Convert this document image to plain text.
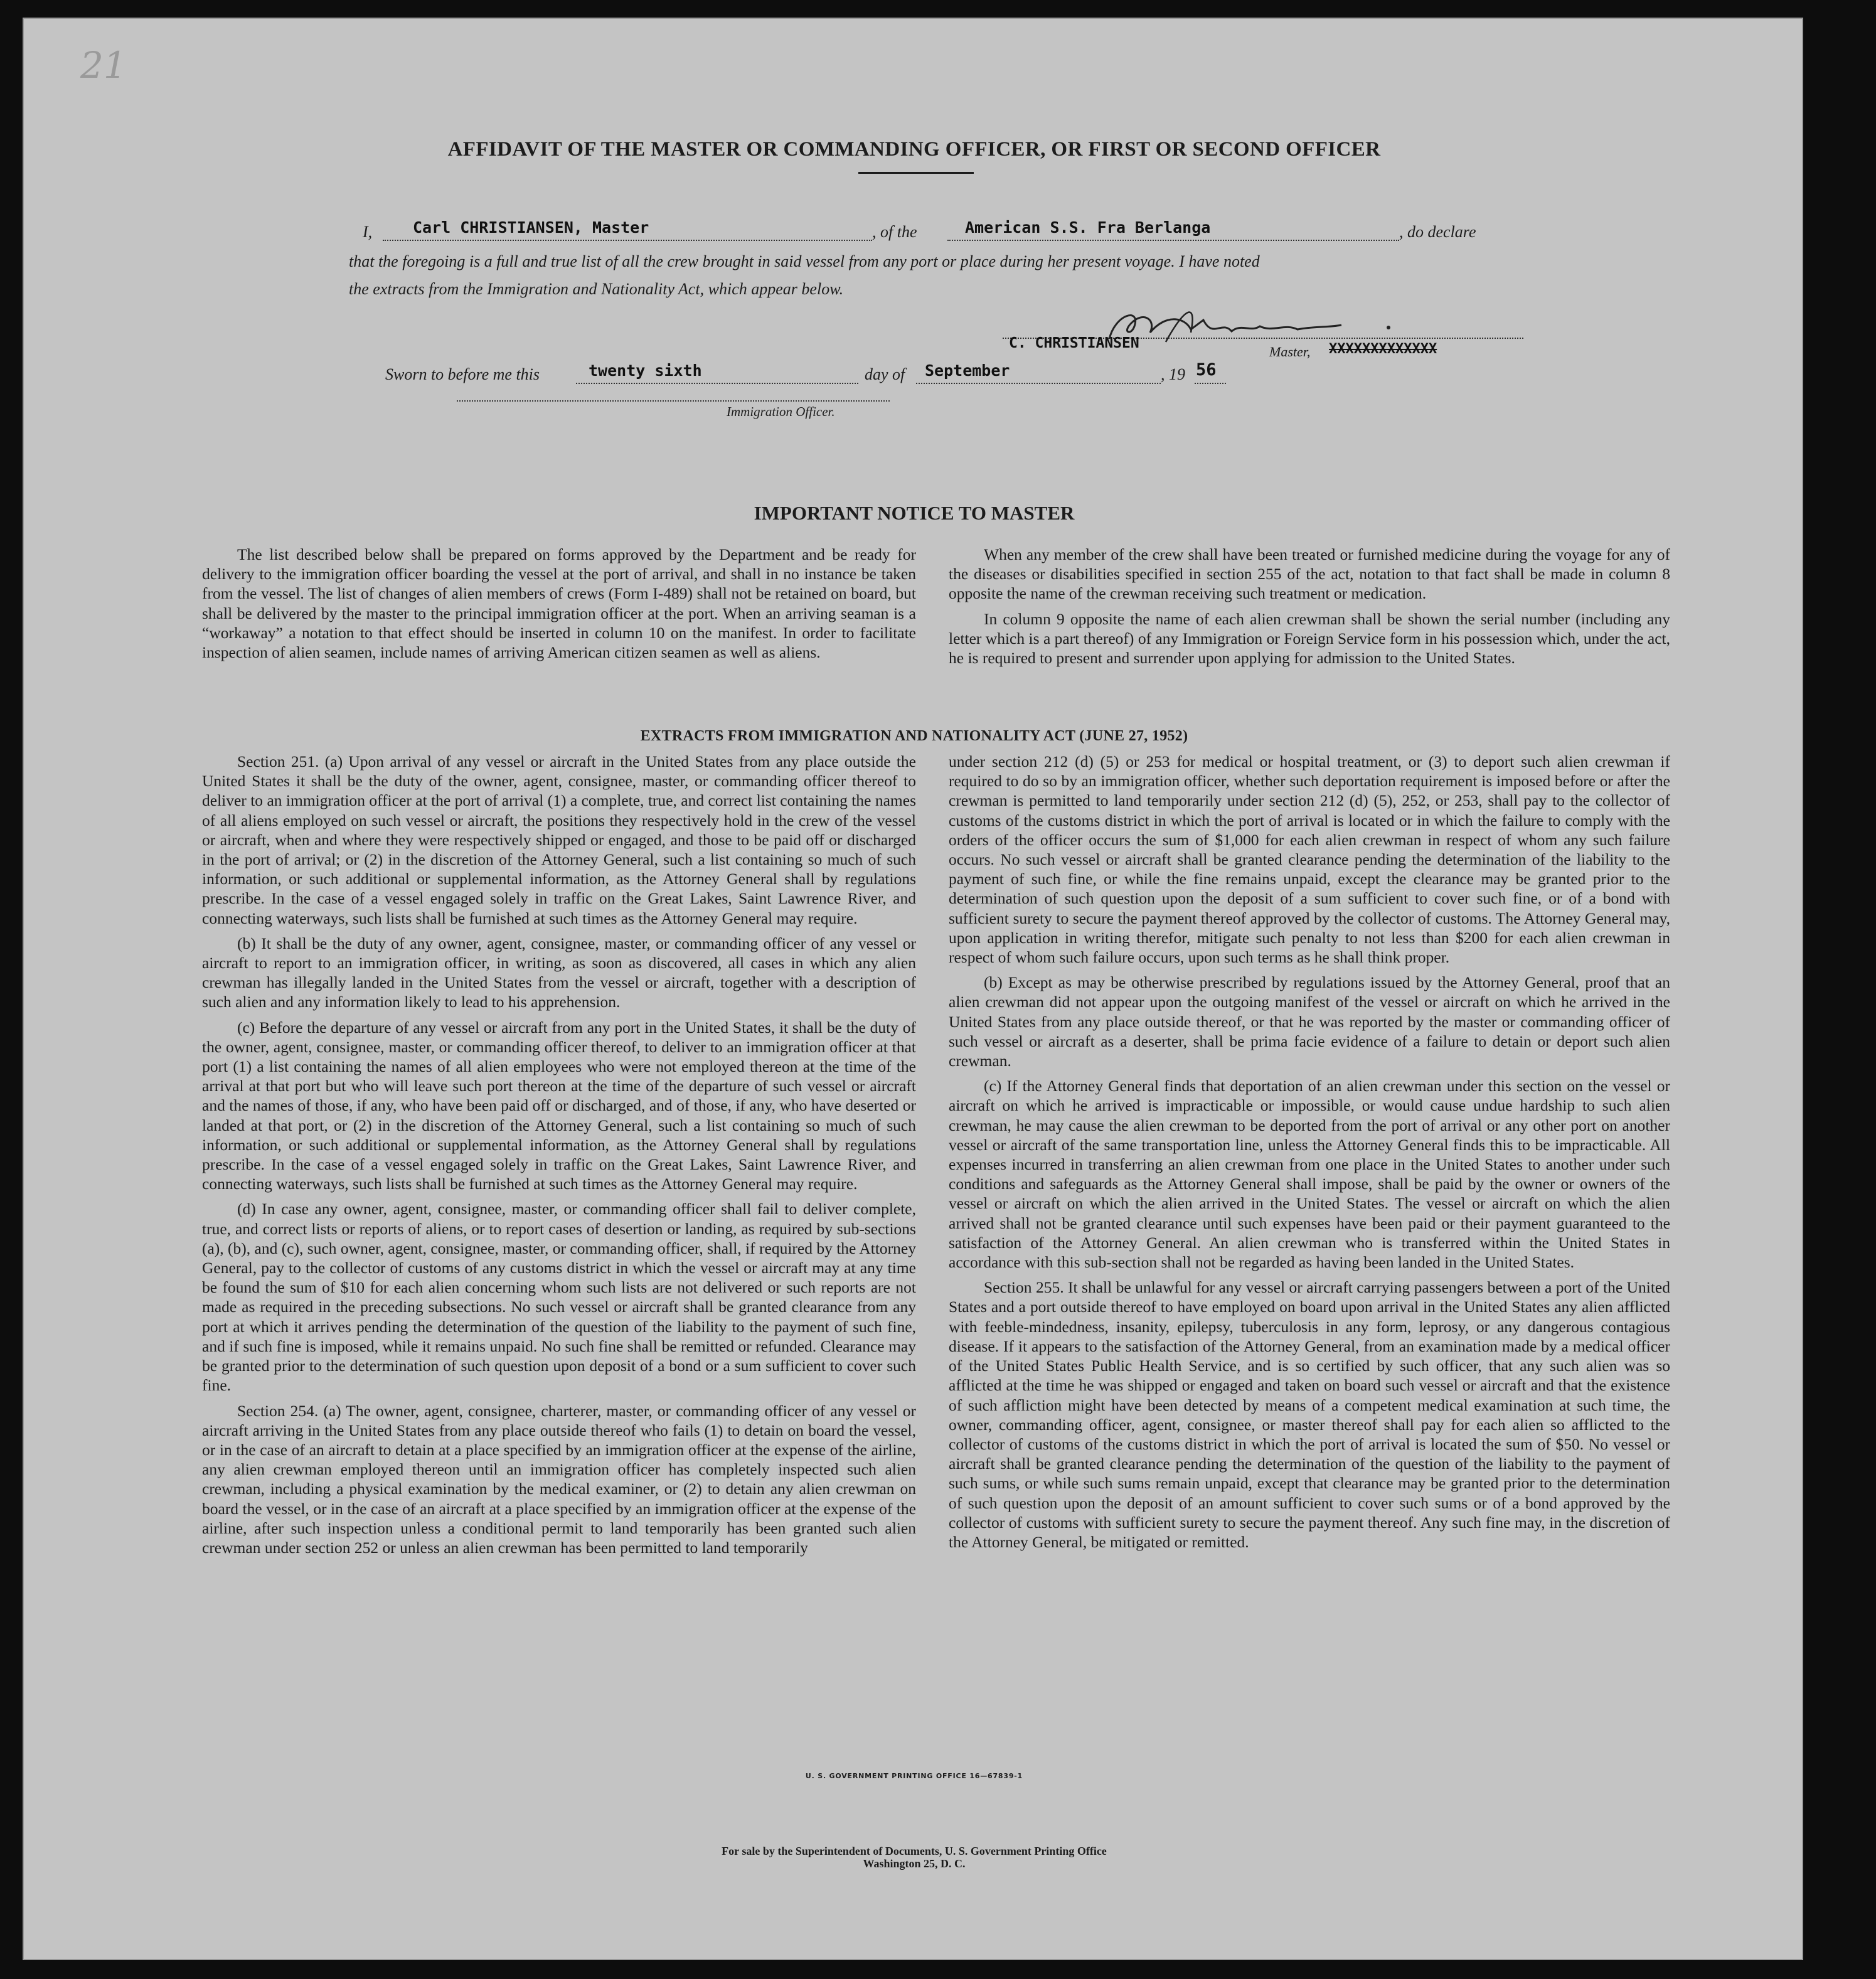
21
AFFIDAVIT OF THE MASTER OR COMMANDING OFFICER, OR FIRST OR SECOND OFFICER
I,	Carl CHRISTIANSEN, Master	, of the	American S.S. Fra Berlanga	, do declare
that the foregoing is a full and true list of all the crew brought in said vessel from any port or place during her present voyage. I have noted
the extracts from the Immigration and Nationality Act, which appear below.
C. CHRISTIANSEN
Master, XXXXXXXXXXXXX
Sworn to before me this	twenty sixth	day of September	, 19 56
Immigration Officer.
IMPORTANT NOTICE TO MASTER

The list described below shall be prepared on forms approved by the Department and be ready for delivery to the immigration officer boarding the vessel at the port of arrival, and shall in no instance be taken from the vessel. The list of changes of alien members of crews (Form I-489) shall not be retained on board, but shall be delivered by the master to the principal immigration officer at the port. When an arriving seaman is a “workaway” a notation to that effect should be inserted in column 10 on the manifest. In order to facilitate inspection of alien seamen, include names of arriving American citizen seamen as well as aliens.

When any member of the crew shall have been treated or furnished medicine during the voyage for any of the diseases or disabilities specified in section 255 of the act, notation to that fact shall be made in column 8 opposite the name of the crewman receiving such treatment or medication.

In column 9 opposite the name of each alien crewman shall be shown the serial number (including any letter which is a part thereof) of any Immigration or Foreign Service form in his possession which, under the act, he is required to present and surrender upon applying for admission to the United States.

EXTRACTS FROM IMMIGRATION AND NATIONALITY ACT (JUNE 27, 1952)

Section 251. (a) Upon arrival of any vessel or aircraft in the United States from any place outside the United States it shall be the duty of the owner, agent, consignee, master, or commanding officer thereof to deliver to an immigration officer at the port of arrival (1) a complete, true, and correct list containing the names of all aliens employed on such vessel or aircraft, the positions they respectively hold in the crew of the vessel or aircraft, when and where they were respectively shipped or engaged, and those to be paid off or discharged in the port of arrival; or (2) in the discretion of the Attorney General, such a list containing so much of such information, or such additional or supplemental information, as the Attorney General shall by regulations prescribe. In the case of a vessel engaged solely in traffic on the Great Lakes, Saint Lawrence River, and connecting waterways, such lists shall be furnished at such times as the Attorney General may require.

(b) It shall be the duty of any owner, agent, consignee, master, or commanding officer of any vessel or aircraft to report to an immigration officer, in writing, as soon as discovered, all cases in which any alien crewman has illegally landed in the United States from the vessel or aircraft, together with a description of such alien and any information likely to lead to his apprehension.

(c) Before the departure of any vessel or aircraft from any port in the United States, it shall be the duty of the owner, agent, consignee, master, or commanding officer thereof, to deliver to an immigration officer at that port (1) a list containing the names of all alien employees who were not employed thereon at the time of the arrival at that port but who will leave such port thereon at the time of the departure of such vessel or aircraft and the names of those, if any, who have been paid off or discharged, and of those, if any, who have deserted or landed at that port, or (2) in the discretion of the Attorney General, such a list containing so much of such information, or such additional or supplemental information, as the Attorney General shall by regulations prescribe. In the case of a vessel engaged solely in traffic on the Great Lakes, Saint Lawrence River, and connecting waterways, such lists shall be furnished at such times as the Attorney General may require.

(d) In case any owner, agent, consignee, master, or commanding officer shall fail to deliver complete, true, and correct lists or reports of aliens, or to report cases of desertion or landing, as required by sub-sections (a), (b), and (c), such owner, agent, consignee, master, or commanding officer, shall, if required by the Attorney General, pay to the collector of customs of any customs district in which the vessel or aircraft may at any time be found the sum of $10 for each alien concerning whom such lists are not delivered or such reports are not made as required in the preceding subsections. No such vessel or aircraft shall be granted clearance from any port at which it arrives pending the determination of the question of the liability to the payment of such fine, and if such fine is imposed, while it remains unpaid. No such fine shall be remitted or refunded. Clearance may be granted prior to the determination of such question upon deposit of a bond or a sum sufficient to cover such fine.

Section 254. (a) The owner, agent, consignee, charterer, master, or commanding officer of any vessel or aircraft arriving in the United States from any place outside thereof who fails (1) to detain on board the vessel, or in the case of an aircraft to detain at a place specified by an immigration officer at the expense of the airline, any alien crewman employed thereon until an immigration officer has completely inspected such alien crewman, including a physical examination by the medical examiner, or (2) to detain any alien crewman on board the vessel, or in the case of an aircraft at a place specified by an immigration officer at the expense of the airline, after such inspection unless a conditional permit to land temporarily has been granted such alien crewman under section 252 or unless an alien crewman has been permitted to land temporarily

under section 212 (d) (5) or 253 for medical or hospital treatment, or (3) to deport such alien crewman if required to do so by an immigration officer, whether such deportation requirement is imposed before or after the crewman is permitted to land temporarily under section 212 (d) (5), 252, or 253, shall pay to the collector of customs of the customs district in which the port of arrival is located or in which the failure to comply with the orders of the officer occurs the sum of $1,000 for each alien crewman in respect of whom any such failure occurs. No such vessel or aircraft shall be granted clearance pending the determination of the liability to the payment of such fine, or while the fine remains unpaid, except the clearance may be granted prior to the determination of such question upon the deposit of a sum sufficient to cover such fine, or of a bond with sufficient surety to secure the payment thereof approved by the collector of customs. The Attorney General may, upon application in writing therefor, mitigate such penalty to not less than $200 for each alien crewman in respect of whom such failure occurs, upon such terms as he shall think proper.

(b) Except as may be otherwise prescribed by regulations issued by the Attorney General, proof that an alien crewman did not appear upon the outgoing manifest of the vessel or aircraft on which he arrived in the United States from any place outside thereof, or that he was reported by the master or commanding officer of such vessel or aircraft as a deserter, shall be prima facie evidence of a failure to detain or deport such alien crewman.

(c) If the Attorney General finds that deportation of an alien crewman under this section on the vessel or aircraft on which he arrived is impracticable or impossible, or would cause undue hardship to such alien crewman, he may cause the alien crewman to be deported from the port of arrival or any other port on another vessel or aircraft of the same transportation line, unless the Attorney General finds this to be impracticable. All expenses incurred in transferring an alien crewman from one place in the United States to another under such conditions and safeguards as the Attorney General shall impose, shall be paid by the owner or owners of the vessel or aircraft on which the alien arrived in the United States. The vessel or aircraft on which the alien arrived shall not be granted clearance until such expenses have been paid or their payment guaranteed to the satisfaction of the Attorney General. An alien crewman who is transferred within the United States in accordance with this sub-section shall not be regarded as having been landed in the United States.

Section 255. It shall be unlawful for any vessel or aircraft carrying passengers between a port of the United States and a port outside thereof to have employed on board upon arrival in the United States any alien afflicted with feeble-mindedness, insanity, epilepsy, tuberculosis in any form, leprosy, or any dangerous contagious disease. If it appears to the satisfaction of the Attorney General, from an examination made by a medical officer of the United States Public Health Service, and is so certified by such officer, that any such alien was so afflicted at the time he was shipped or engaged and taken on board such vessel or aircraft and that the existence of such affliction might have been detected by means of a competent medical examination at such time, the owner, commanding officer, agent, consignee, or master thereof shall pay for each alien so afflicted to the collector of customs of the customs district in which the port of arrival is located the sum of $50. No vessel or aircraft shall be granted clearance pending the determination of the question of the liability to the payment of such sums, or while such sums remain unpaid, except that clearance may be granted prior to the determination of such question upon the deposit of an amount sufficient to cover such sums or of a bond approved by the collector of customs with sufficient surety to secure the payment thereof. Any such fine may, in the discretion of the Attorney General, be mitigated or remitted.

U. S. GOVERNMENT PRINTING OFFICE 16—67839-1
For sale by the Superintendent of Documents, U. S. Government Printing Office
Washington 25, D. C.
